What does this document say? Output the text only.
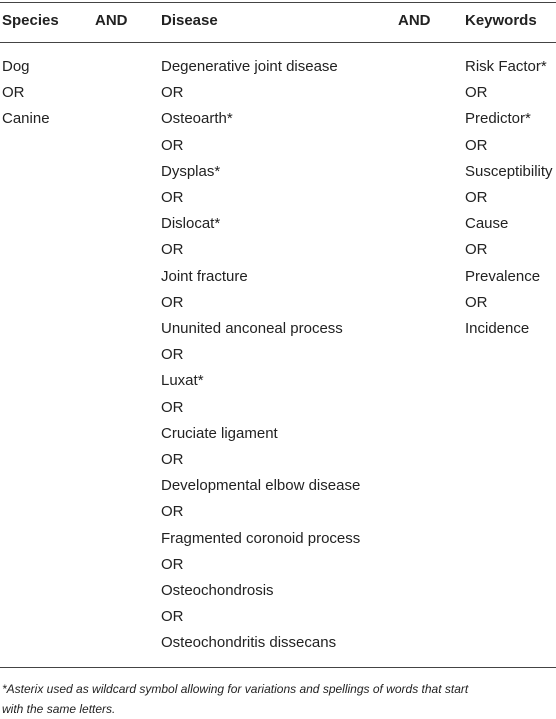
Species AND Disease	AND Keywords
Dog
OR
Canine
Degenerative joint disease
OR
Osteoarth*
OR
Dysplas*
OR
Dislocat*
OR
Joint fracture
OR
Ununited anconeal process
OR
Luxat*
OR
Cruciate ligament
OR
Developmental elbow disease
OR
Fragmented coronoid process
OR
Osteochondrosis
OR
Osteochondritis dissecans
Risk Factor*
OR
Predictor*
OR
Susceptibility
OR
Cause
OR
Prevalence
OR
Incidence
*Asterix used as wildcard symbol allowing for variations and spellings of words that start
with the same letters.
